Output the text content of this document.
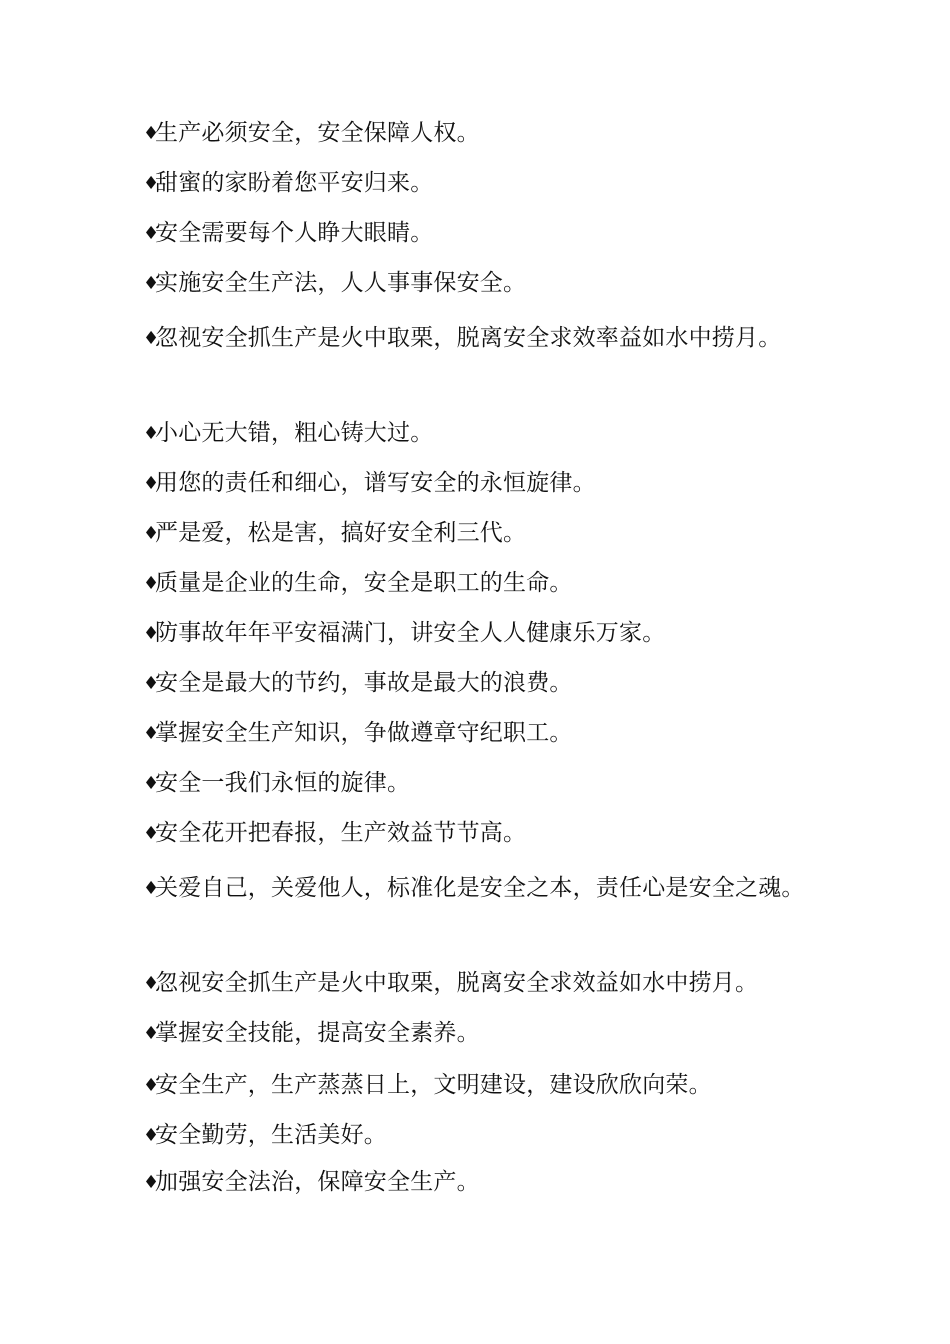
♦生产必须安全，安全保障人权。
♦甜蜜的家盼着您平安归来。
♦安全需要每个人睁大眼睛。
♦实施安全生产法，人人事事保安全。
♦忽视安全抓生产是火中取栗，脱离安全求效率益如水中捞月。
♦小心无大错，粗心铸大过。
♦用您的责任和细心，谱写安全的永恒旋律。
♦严是爱，松是害，搞好安全利三代。
♦质量是企业的生命，安全是职工的生命。
♦防事故年年平安福满门，讲安全人人健康乐万家。
♦安全是最大的节约，事故是最大的浪费。
♦掌握安全生产知识，争做遵章守纪职工。
♦安全一我们永恒的旋律。
♦安全花开把春报，生产效益节节高。
♦关爱自己，关爱他人，标准化是安全之本，责任心是安全之魂。
♦忽视安全抓生产是火中取栗，脱离安全求效益如水中捞月。
♦掌握安全技能，提高安全素养。
♦安全生产，生产蒸蒸日上，文明建设，建设欣欣向荣。
♦安全勤劳，生活美好。
♦加强安全法治，保障安全生产。
